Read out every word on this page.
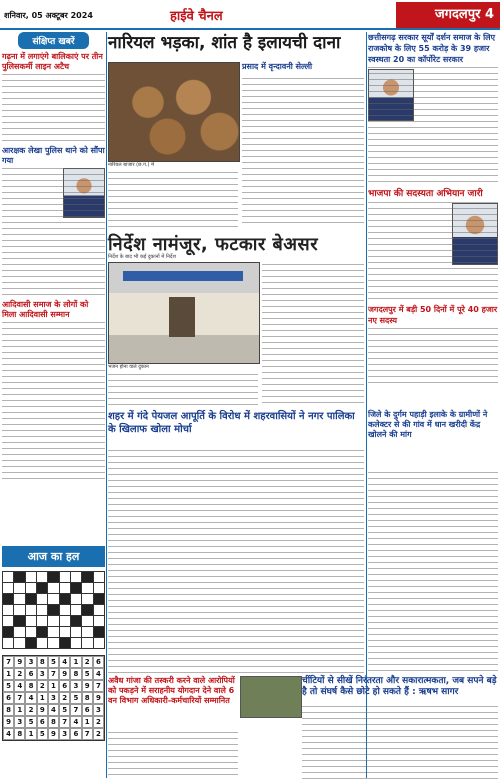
शनिवार, 05 अक्टूबर 2024	हाईवे चैनल	जगदलपुर 4
संक्षिप्त खबरें
गढ़ना में लगाएंगे बालिकाएं पर तीन पुलिसकर्मी लाइन अटैच
आरक्षक लेखा पुलिस थाने को सौंपा गया
आदिवासी समाज के लोगों को मिला आदिवासी सम्मान
आज का हल
7 9 3 8 5 4 1 2 6
1 2 6 3 7 9 8 5 4
5 4 8 2 1 6 3 9 7
6 7 4 1 3 2 5 8 9
8 1 2 9 4 5 7 6 3
9 3 5 6 8 7 4 1 2
4 8 1 5 9 3 6 7 2
नारियल भड़का, शांत है इलायची दाना
नारियल बाजार (छ.ग.) में
प्रसाद में वृन्दावनी सेल्ली
छत्तीसगढ़ सरकार सूर्यों दर्शन समाज के लिए राजकोष के लिए 55 करोड़ के 39 हजार स्वस्थता 20 का कॉर्पोरेट सरकार
भाजपा की सदस्यता अभियान जारी
जगदलपुर में बड़ी 50 दिनों में पूरे 40 हजार नए सदस्य
निर्देश नामंजूर, फटकार बेअसर
निर्देश के बाद भी कई दुकानों में निर्देश
भजन होना वाले दुकान
शहर में गंदे पेयजल आपूर्ति के विरोध में शहरवासियों ने नगर पालिका के खिलाफ खोला मोर्चा
जिले के दुर्गम पहाड़ी इलाके के ग्रामीणों ने कलेक्टर से की गांव में धान खरीदी केंद्र खोलने की मांग
अवैध गांजा की तस्करी करने वाले आरोपियों को पकड़ने में सराहनीय योगदान देने वाले 6 वन विभाग अधिकारी-कर्मचारियों सम्मानित
चींटियों से सीखें निरंतरता और सकारात्मकता, जब सपने बड़े है तो संघर्ष कैसे छोटे हो सकते हैं : ऋषभ सागर
